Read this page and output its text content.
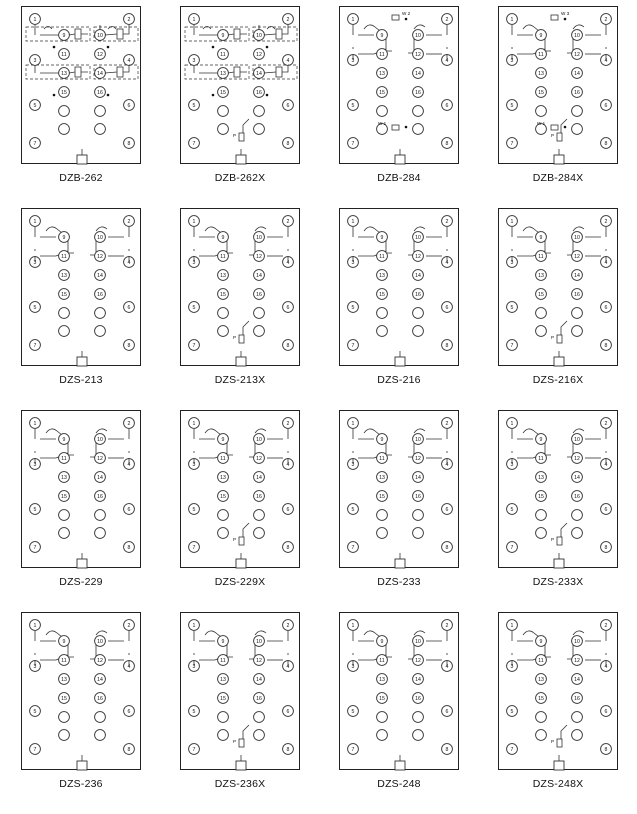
1
3
5
7
2
4
6
8
9
11
13
15
10
12
14
16
DZB-262
1
3
5
7
2
4
6
8
9
11
13
15
10
12
14
16
P
DZB-262X
1
3
5
7
2
4
6
8
9
11
13
15
10
12
14
16
W 2
W 1
DZB-284
1
3
5
7
2
4
6
8
9
11
13
15
10
12
14
16
P
W 3
W 1
DZB-284X
1
3
5
7
2
4
6
8
9
11
13
15
10
12
14
16
DZS-213
1
3
5
7
2
4
6
8
9
11
13
15
10
12
14
16
P
DZS-213X
1
3
5
7
2
4
6
8
9
11
13
15
10
12
14
16
DZS-216
1
3
5
7
2
4
6
8
9
11
13
15
10
12
14
16
P
DZS-216X
1
3
5
7
2
4
6
8
9
11
13
15
10
12
14
16
DZS-229
1
3
5
7
2
4
6
8
9
11
13
15
10
12
14
16
P
DZS-229X
1
3
5
7
2
4
6
8
9
11
13
15
10
12
14
16
DZS-233
1
3
5
7
2
4
6
8
9
11
13
15
10
12
14
16
P
DZS-233X
1
3
5
7
2
4
6
8
9
11
13
15
10
12
14
16
DZS-236
1
3
5
7
2
4
6
8
9
11
13
15
10
12
14
16
P
DZS-236X
1
3
5
7
2
4
6
8
9
11
13
15
10
12
14
16
DZS-248
1
3
5
7
2
4
6
8
9
11
13
15
10
12
14
16
P
DZS-248X
